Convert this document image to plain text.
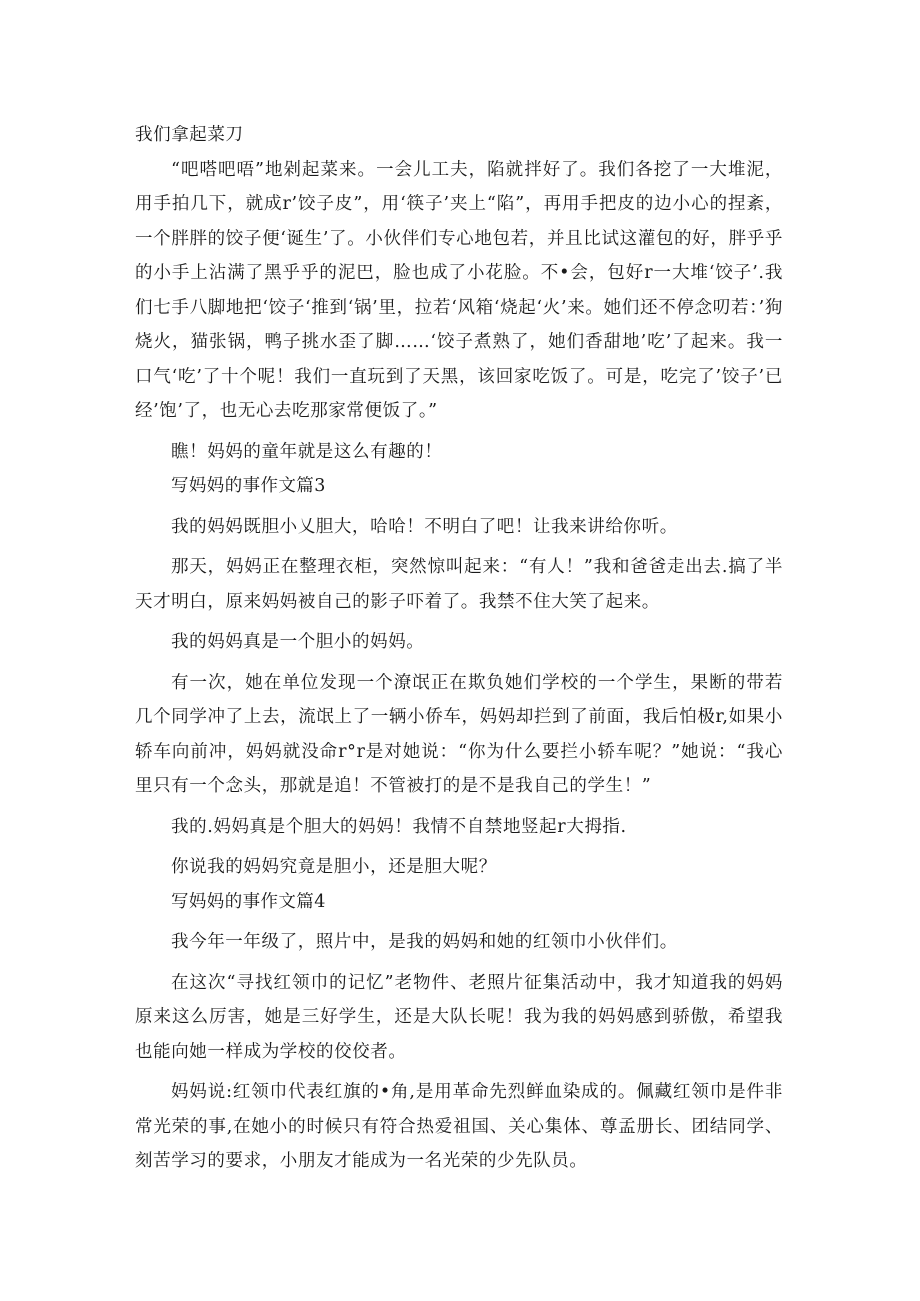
我们拿起菜刀

“吧嗒吧唔”地剁起菜来。一会儿工夫，陷就拌好了。我们各挖了一大堆泥，用手拍几下，就成r’饺子皮”，用‘筷子’夹上“陷”，再用手把皮的边小心的捏紊，一个胖胖的饺子便‘诞生’了。小伙伴们专心地包若，并且比试这灌包的好，胖乎乎的小手上沾满了黑乎乎的泥巴，脸也成了小花脸。不•会，包好r一大堆‘饺子’.我们七手八脚地把‘饺子‘推到‘锅’里，拉若‘风箱‘烧起‘火’来。她们还不停念叨若：’狗烧火，猫张锅，鸭子挑水歪了脚……‘饺子煮熟了，她们香甜地’吃’了起来。我一口气‘吃’了十个呢！我们一直玩到了天黑，该回家吃饭了。可是，吃完了’饺子’已经’饱’了，也无心去吃那家常便饭了。”

瞧！妈妈的童年就是这么有趣的！

写妈妈的事作文篇3

我的妈妈既胆小乂胆大，哈哈！不明白了吧！让我来讲给你听。

那天，妈妈正在整理衣柜，突然惊叫起来：“有人！”我和爸爸走出去.搞了半天才明白，原来妈妈被自己的影子吓着了。我禁不住大笑了起来。

我的妈妈真是一个胆小的妈妈。

有一次，她在单位发现一个潦氓正在欺负她们学校的一个学生，果断的带若几个同学冲了上去，流氓上了一辆小侨车，妈妈却拦到了前面，我后怕极r,如果小轿车向前冲，妈妈就没命r°r是对她说：“你为什么要拦小轿车呢？”她说：“我心里只有一个念头，那就是追！不管被打的是不是我自己的学生！”

我的.妈妈真是个胆大的妈妈！我情不自禁地竖起r大拇指.

你说我的妈妈究竟是胆小，还是胆大呢？

写妈妈的事作文篇4

我今年一年级了，照片中，是我的妈妈和她的红领巾小伙伴们。

在这次“寻找红领巾的记忆”老物件、老照片征集活动中，我才知道我的妈妈原来这么厉害，她是三好学生，还是大队长呢！我为我的妈妈感到骄傲，希望我也能向她一样成为学校的佼佼者。

妈妈说:红领巾代表红旗的•角,是用革命先烈鲜血染成的。佩藏红领巾是件非常光荣的事,在她小的时候只有符合热爱祖国、关心集体、尊孟册长、团结同学、刻苦学习的要求，小朋友才能成为一名光荣的少先队员。
